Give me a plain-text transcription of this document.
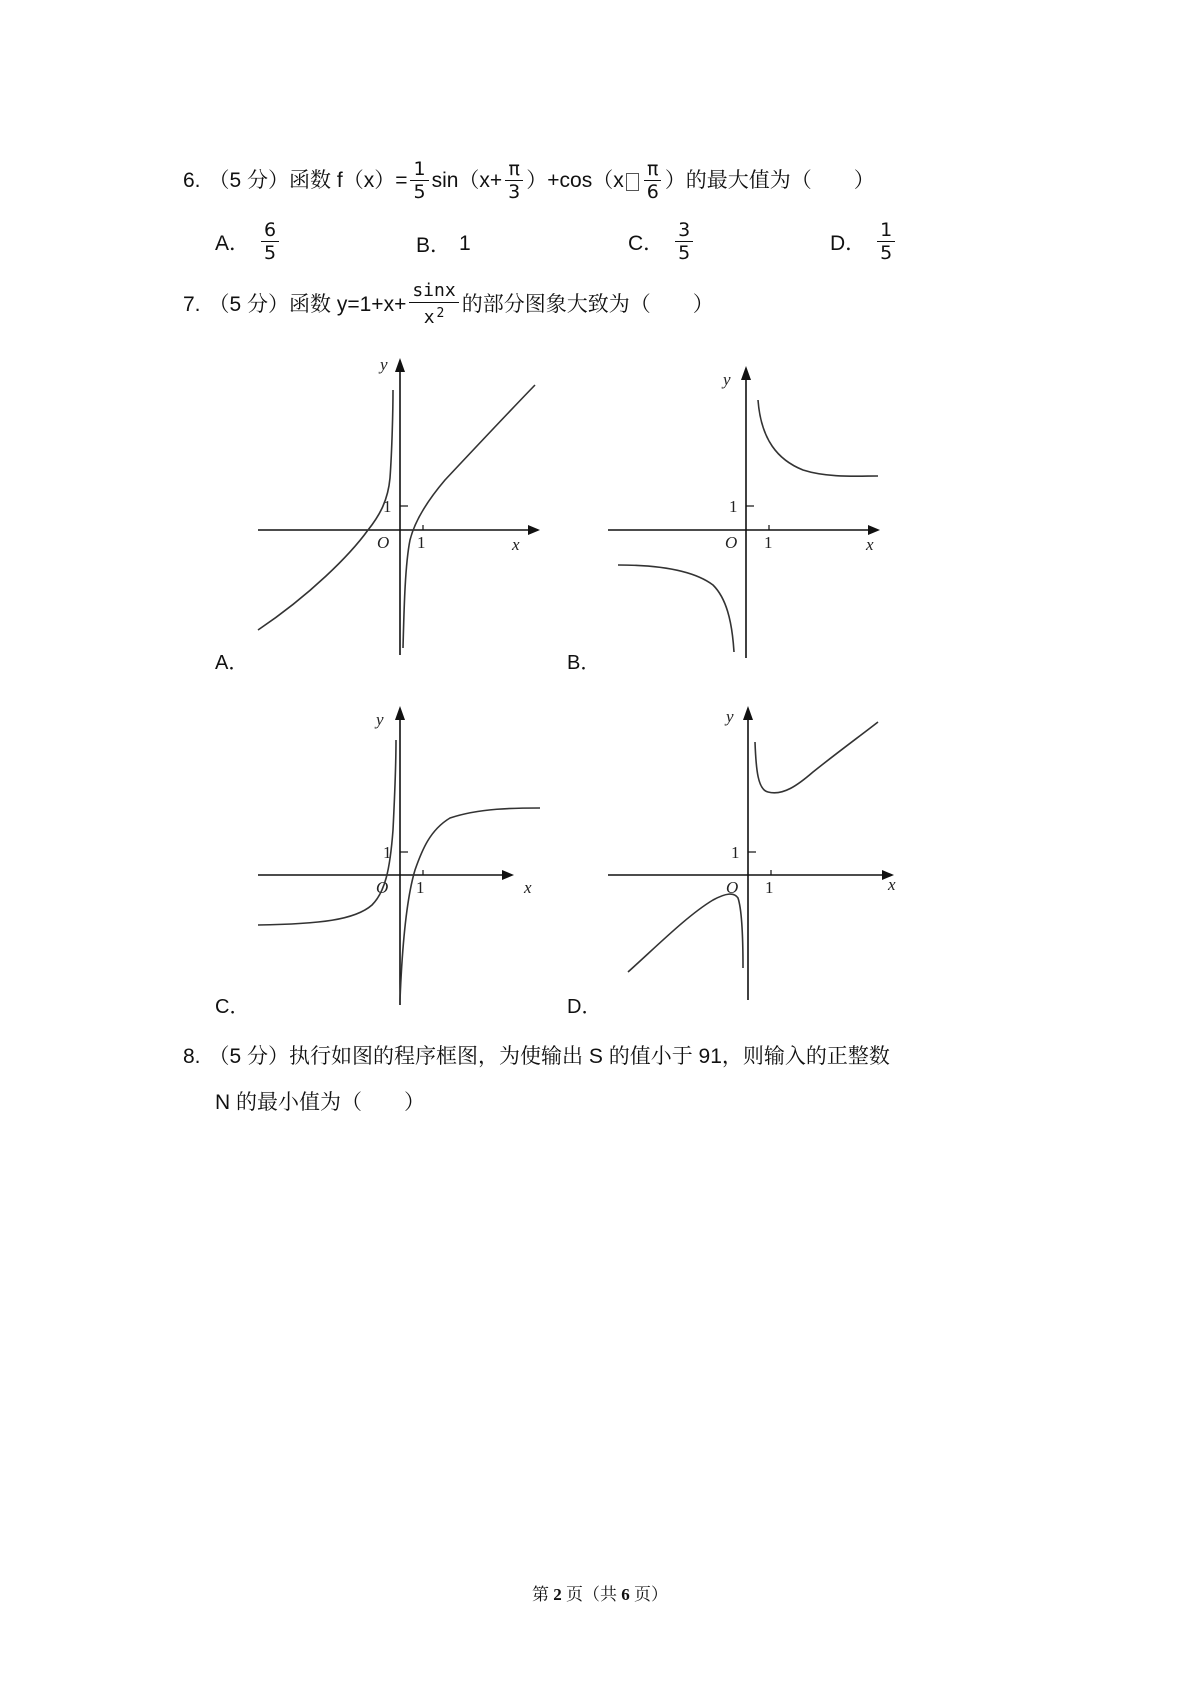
6. （5 分） 函数 $f(x)= \frac{1}{5} \sin(x+ \frac{\pi}{3} )+\cos(x \frac{\pi}{6}$ ）的最大值为（　　）
A． $\frac{6}{5}$	B． 1	C． $\frac{3}{5}$	D． $\frac{1}{5}$
7. （5 分） 函数 $y=1+x+ \frac{\sin x}{x ^2}$ 的部分图象大致为（　　）
y
x
O 1
1
y
x
O 1
1
A．	B．
y
x
O 1
1
y
x
O 1
1
C．	D．
8. （5 分） 执行如图的程序框图，为使输出 S 的值小于 91，则输入的正整数
N 的最小值为（　　）
第 2 页（共 6 页）
